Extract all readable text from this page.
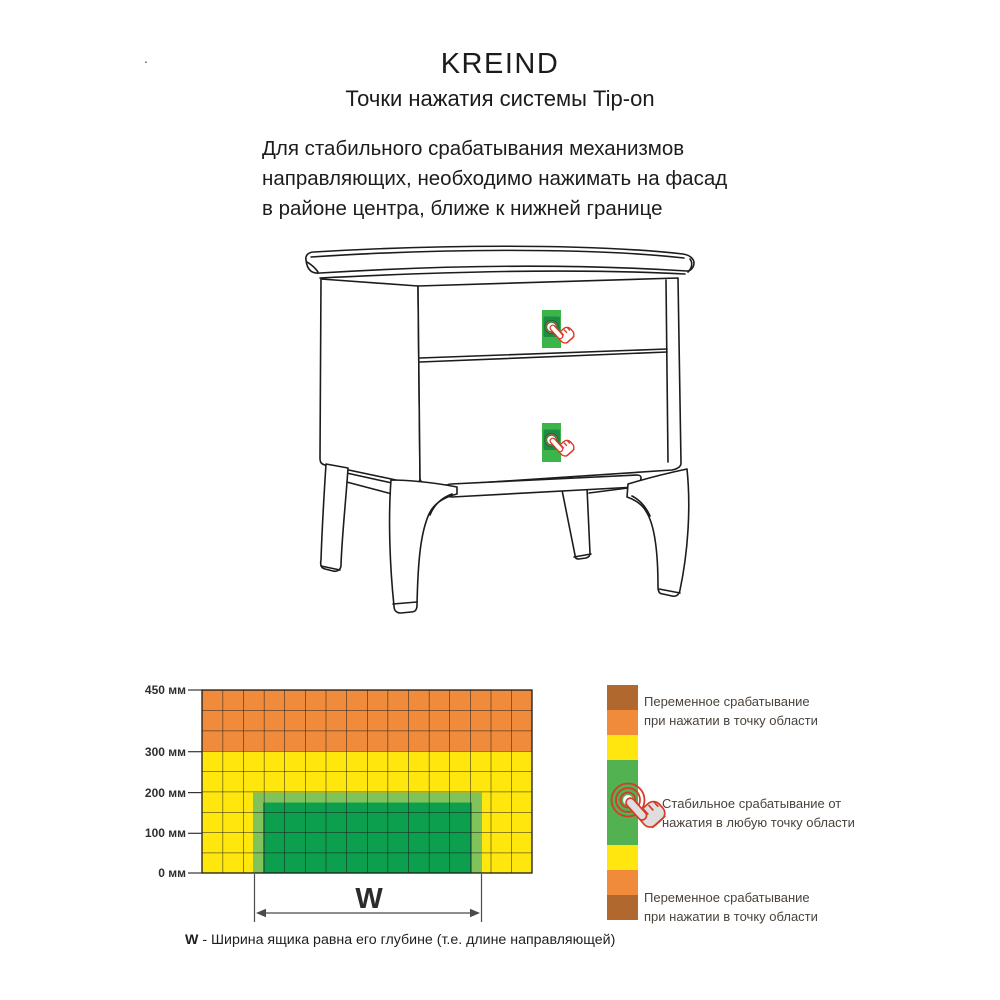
.	KREIND
Точки нажатия системы Tip-on
Для стабильного срабатывания механизмов
направляющих, необходимо нажимать на фасад
в районе центра, ближе к нижней границе
450 мм
300 мм
200 мм
100 мм
0 мм
W
W - Ширина ящика равна его глубине (т.е. длине направляющей)
Переменное срабатывание
при нажатии в точку области
Стабильное срабатывание от
нажатия в любую точку области
Переменное срабатывание
при нажатии в точку области
